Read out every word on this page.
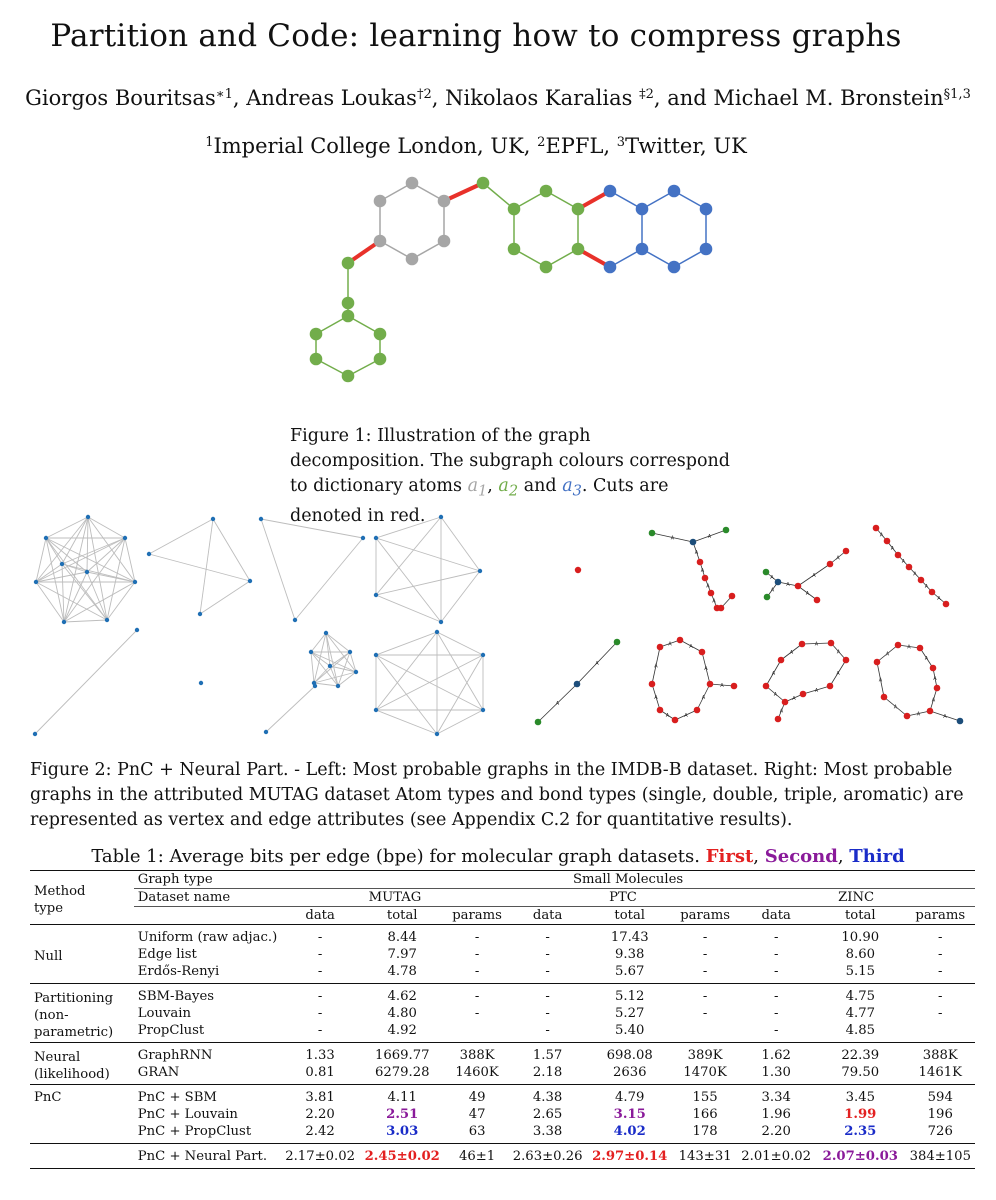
Partition and Code: learning how to compress graphs
Giorgos Bouritsas$^{∗1}$, Andreas Loukas$^{\dagger 2}$, Nikolaos Karalias $^{\ddagger 2}$, and Michael M. Bronstein$^{\S 1,3}$
$^1$Imperial College London, UK, $^2$EPFL, $^3$Twitter, UK
Figure 1: Illustration of the graph decomposition. The subgraph colours correspond to dictionary atoms $a_1$, $a_2$ and $a_3$. Cuts are denoted in red.
A	A
A
A
A
A
A
A
A
A
A
A
A
A
A
A
A
A
A
A
A	A
A
A
A
A
A
A
A
A
A
A
A
A
A
A
A
A
A
A
A
A
A
A
A
A
A
Figure 2: PnC + Neural Part. - Left: Most probable graphs in the IMDB-B dataset. Right: Most probable graphs in the attributed MUTAG dataset Atom types and bond types (single, double, triple, aromatic) are represented as vertex and edge attributes (see Appendix C.2 for quantitative results).
Table 1: Average bits per edge (bpe) for molecular graph datasets. First, Second, Third
Method
type	Graph type	Small Molecules								
	Dataset name	MUTAG			PTC			ZINC		
		data	total	params	data	total	params	data	total	params
Null	Uniform (raw adjac.)	-	8.44	-	-	17.43	-	-	10.90	-
	Edge list	-	7.97	-	-	9.38	-	-	8.60	-
	Erdős-Renyi	-	4.78	-	-	5.67	-	-	5.15	-
Partitioning
(non-parametric)	SBM-Bayes	-	4.62	-	-	5.12	-	-	4.75	-
	Louvain	-	4.80	-	-	5.27	-	-	4.77	-
	PropClust	-	4.92		-	5.40		-	4.85	
Neural
(likelihood)	GraphRNN	1.33	1669.77	388K	1.57	698.08	389K	1.62	22.39	388K
	GRAN	0.81	6279.28	1460K	2.18	2636	1470K	1.30	79.50	1461K
PnC	PnC + SBM	3.81	4.11	49	4.38	4.79	155	3.34	3.45	594
	PnC + Louvain	2.20	2.51	47	2.65	3.15	166	1.96	1.99	196
	PnC + PropClust	2.42	3.03	63	3.38	4.02	178	2.20	2.35	726
	PnC + Neural Part.	2.17±0.02	2.45±0.02	46±1	2.63±0.26	2.97±0.14	143±31	2.01±0.02	2.07±0.03	384±105
